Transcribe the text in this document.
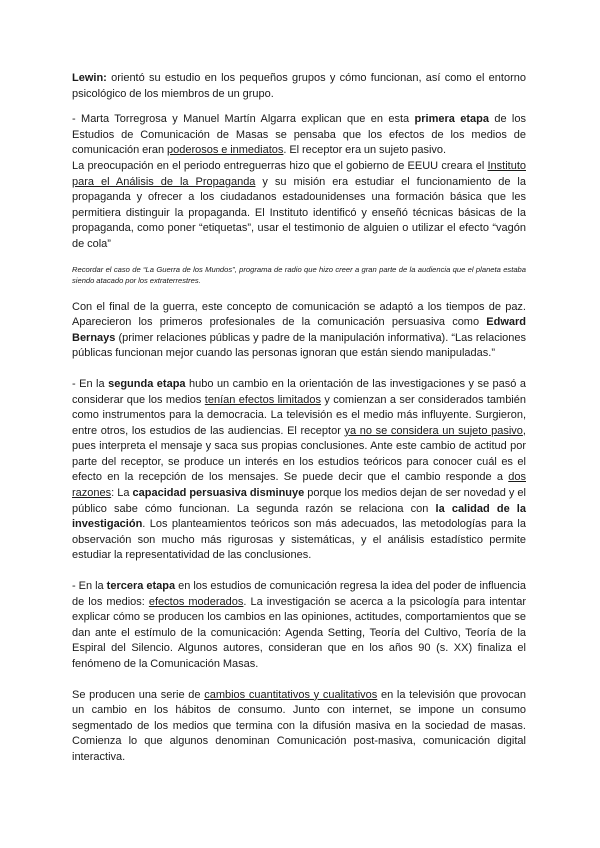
Lewin: orientó su estudio en los pequeños grupos y cómo funcionan, así como el entorno psicológico de los miembros de un grupo.

- Marta Torregrosa y Manuel Martín Algarra explican que en esta primera etapa de los Estudios de Comunicación de Masas se pensaba que los efectos de los medios de comunicación eran poderosos e inmediatos. El receptor era un sujeto pasivo.

La preocupación en el periodo entreguerras hizo que el gobierno de EEUU creara el Instituto para el Análisis de la Propaganda y su misión era estudiar el funcionamiento de la propaganda y ofrecer a los ciudadanos estadounidenses una formación básica que les permitiera distinguir la propaganda. El Instituto identificó y enseñó técnicas básicas de la propaganda, como poner “etiquetas”, usar el testimonio de alguien o utilizar el efecto “vagón de cola”

Recordar el caso de “La Guerra de los Mundos”, programa de radio que hizo creer a gran parte de la audiencia que el planeta estaba siendo atacado por los extraterrestres.

Con el final de la guerra, este concepto de comunicación se adaptó a los tiempos de paz. Aparecieron los primeros profesionales de la comunicación persuasiva como Edward Bernays (primer relaciones públicas y padre de la manipulación informativa). “Las relaciones públicas funcionan mejor cuando las personas ignoran que están siendo manipuladas.”

- En la segunda etapa hubo un cambio en la orientación de las investigaciones y se pasó a considerar que los medios tenían efectos limitados y comienzan a ser considerados también como instrumentos para la democracia. La televisión es el medio más influyente. Surgieron, entre otros, los estudios de las audiencias. El receptor ya no se considera un sujeto pasivo, pues interpreta el mensaje y saca sus propias conclusiones. Ante este cambio de actitud por parte del receptor, se produce un interés en los estudios teóricos para conocer cuál es el efecto en la recepción de los mensajes. Se puede decir que el cambio responde a dos razones: La capacidad persuasiva disminuye porque los medios dejan de ser novedad y el público sabe cómo funcionan. La segunda razón se relaciona con la calidad de la investigación. Los planteamientos teóricos son más adecuados, las metodologías para la observación son mucho más rigurosas y sistemáticas, y el análisis estadístico permite estudiar la representatividad de las conclusiones.

- En la tercera etapa en los estudios de comunicación regresa la idea del poder de influencia de los medios: efectos moderados. La investigación se acerca a la psicología para intentar explicar cómo se producen los cambios en las opiniones, actitudes, comportamientos que se dan ante el estímulo de la comunicación: Agenda Setting, Teoría del Cultivo, Teoría de la Espiral del Silencio. Algunos autores, consideran que en los años 90 (s. XX) finaliza el fenómeno de la Comunicación Masas.

Se producen una serie de cambios cuantitativos y cualitativos en la televisión que provocan un cambio en los hábitos de consumo. Junto con internet, se impone un consumo segmentado de los medios que termina con la difusión masiva en la sociedad de masas. Comienza lo que algunos denominan Comunicación post-masiva, comunicación digital interactiva.
